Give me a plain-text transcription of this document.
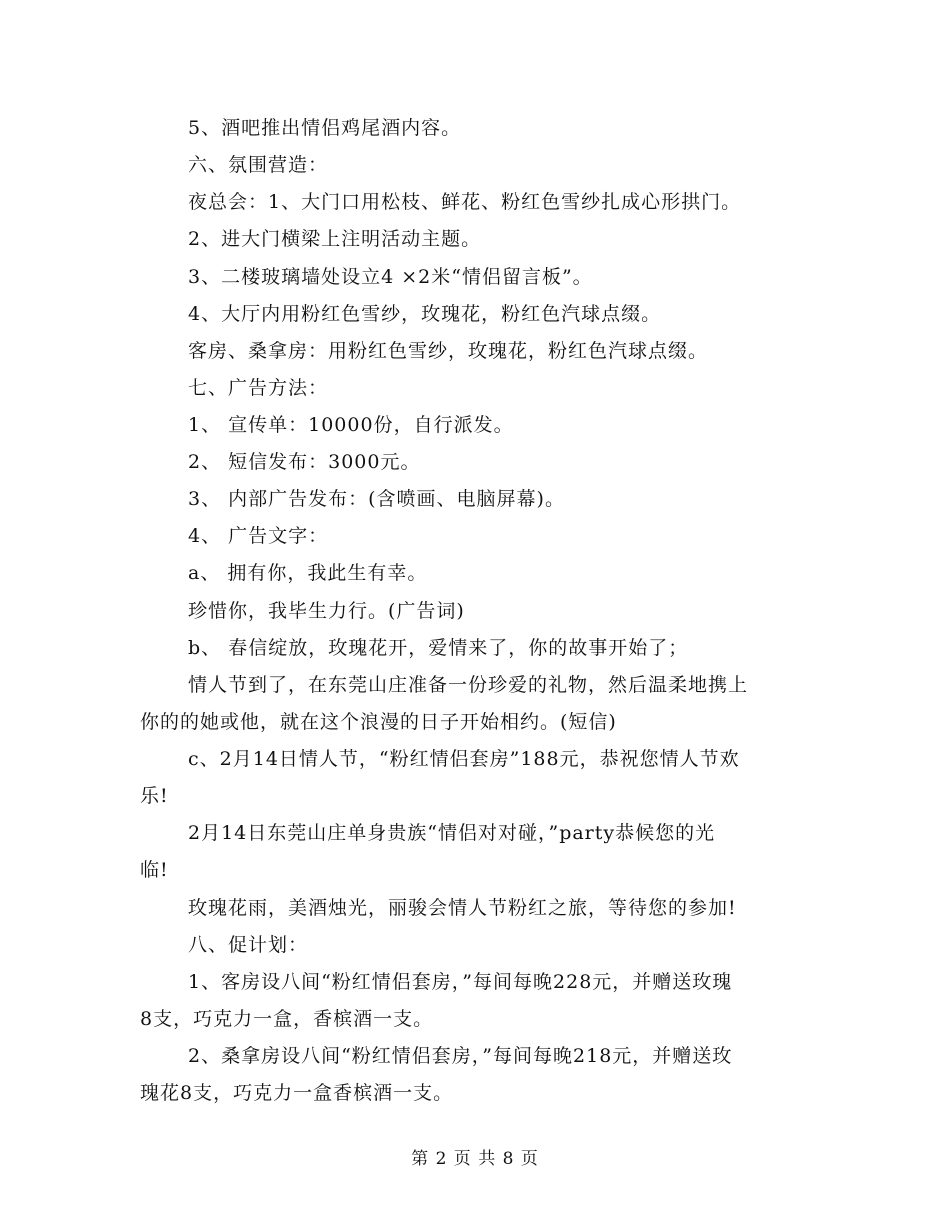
5、酒吧推出情侣鸡尾酒内容。
六、氛围营造：
夜总会：1、大门口用松枝、鲜花、粉红色雪纱扎成心形拱门。
2、进大门横梁上注明活动主题。
3、二楼玻璃墙处设立4 ×2米“情侣留言板”。
4、大厅内用粉红色雪纱，玫瑰花，粉红色汽球点缀。
客房、桑拿房：用粉红色雪纱，玫瑰花，粉红色汽球点缀。
七、广告方法：
1、 宣传单：10000份，自行派发。
2、 短信发布：3000元。
3、 内部广告发布：(含喷画、电脑屏幕)。
4、 广告文字：
a、 拥有你，我此生有幸。
珍惜你，我毕生力行。(广告词)
b、 春信绽放，玫瑰花开，爱情来了，你的故事开始了；
情人节到了，在东莞山庄准备一份珍爱的礼物，然后温柔地携上
你的的她或他，就在这个浪漫的日子开始相约。(短信)
c、2月14日情人节，“粉红情侣套房”188元，恭祝您情人节欢
乐!
2月14日东莞山庄单身贵族“情侣对对碰，”party恭候您的光
临!
玫瑰花雨，美酒烛光，丽骏会情人节粉红之旅，等待您的参加!
八、促计划：
1、客房设八间“粉红情侣套房，”每间每晚228元，并赠送玫瑰
8支，巧克力一盒，香槟酒一支。
2、桑拿房设八间“粉红情侣套房，”每间每晚218元，并赠送玫
瑰花8支，巧克力一盒香槟酒一支。
第 2 页 共 8 页
